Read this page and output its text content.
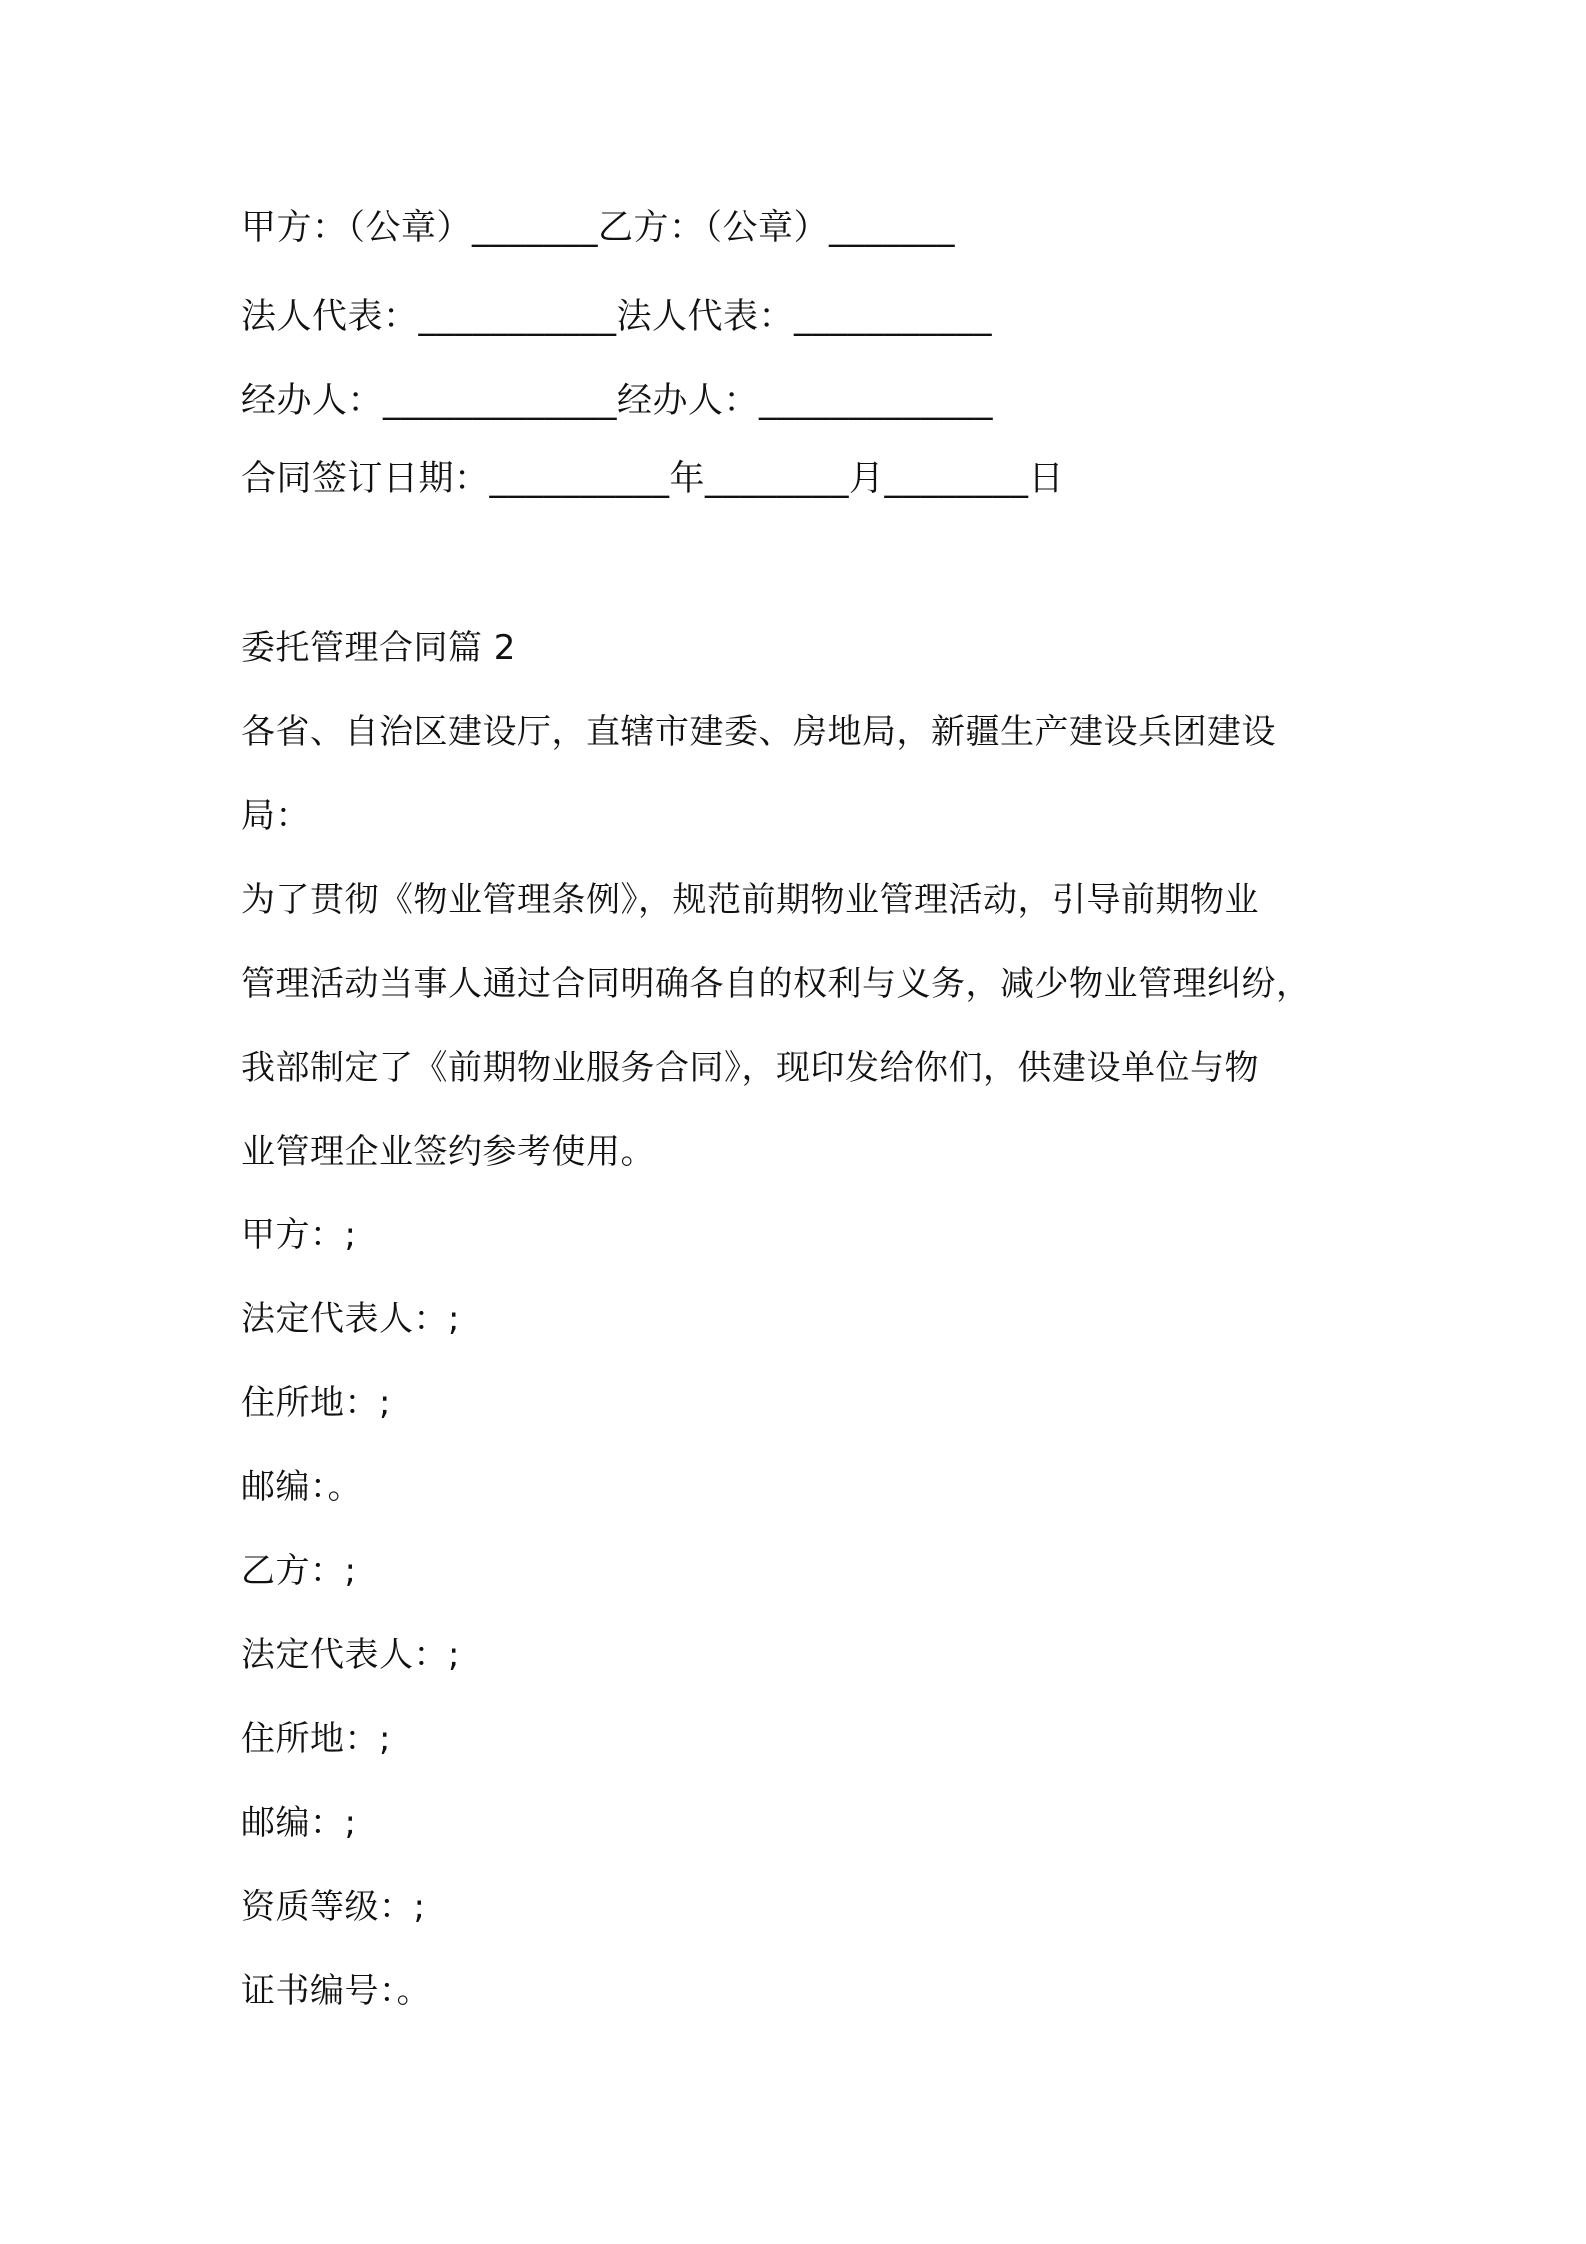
甲方：（公章）_______乙方：（公章）_______
法人代表：___________法人代表：___________
经办人：_____________经办人：_____________
合同签订日期：__________年________月________日
委托管理合同篇 2
各省、自治区建设厅，直辖市建委、房地局，新疆生产建设兵团建设
局：
为了贯彻《物业管理条例》，规范前期物业管理活动，引导前期物业
管理活动当事人通过合同明确各自的权利与义务，减少物业管理纠纷，
我部制定了《前期物业服务合同》，现印发给你们，供建设单位与物
业管理企业签约参考使用。
甲方：;
法定代表人：;
住所地：;
邮编：。
乙方：;
法定代表人：;
住所地：;
邮编：;
资质等级：;
证书编号：。
